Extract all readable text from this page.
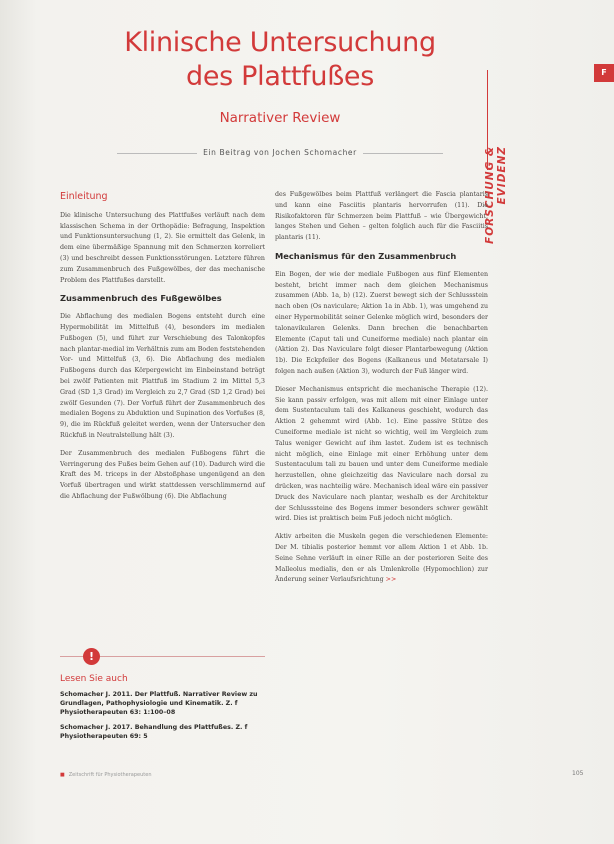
Klinische Untersuchung
des Plattfußes
Narrativer Review
Ein Beitrag von Jochen Schomacher	FORSCHUNG &
EVIDENZ
F
Einleitung

Die klinische Untersuchung des Plattfußes verläuft nach dem klassischen Schema in der Orthopädie: Befragung, Inspektion und Funktionsuntersuchung (1, 2). Sie ermittelt das Gelenk, in dem eine übermäßige Spannung mit den Schmerzen korreliert (3) und beschreibt dessen Funktionsstörungen. Letztere führen zum Zusammenbruch des Fußgewölbes, der das mechanische Problem des Plattfußes darstellt.

Zusammenbruch des Fußgewölbes

Die Abflachung des medialen Bogens entsteht durch eine Hypermobilität im Mittelfuß (4), besonders im medialen Fußbogen (5), und führt zur Verschiebung des Talonkopfes nach plantar-medial im Verhältnis zum am Boden feststehenden Vor- und Mittelfuß (3, 6). Die Abflachung des medialen Fußbogens durch das Körpergewicht im Einbeinstand beträgt bei zwölf Patienten mit Plattfuß im Stadium 2 im Mittel 5,3 Grad (SD 1,3 Grad) im Vergleich zu 2,7 Grad (SD 1,2 Grad) bei zwölf Gesunden (7). Der Vorfuß führt der Zusammenbruch des medialen Bogens zu Abduktion und Supination des Vorfußes (8, 9), die im Rückfuß geleitet werden, wenn der Untersucher den Rückfuß in Neutralstellung hält (3).

Der Zusammenbruch des medialen Fußbogens führt die Verringerung des Fußes beim Gehen auf (10). Dadurch wird die Kraft des M. triceps in der Abstoßphase ungenügend an den Vorfuß übertragen und wirkt stattdessen verschlimmernd auf die Abflachung der Fußwölbung (6). Die Abflachung

!
Lesen Sie auch
Schomacher J. 2011. Der Plattfuß. Narrativer Review zu Grundlagen, Pathophysiologie und Kinematik. Z. f Physiotherapeuten 63: 1:100–08
Schomacher J. 2017. Behandlung des Plattfußes. Z. f Physiotherapeuten 69: 5

des Fußgewölbes beim Plattfuß verlängert die Fascia plantaris und kann eine Fasciitis plantaris hervorrufen (11). Die Risikofaktoren für Schmerzen beim Plattfuß – wie Übergewicht, langes Stehen und Gehen – gelten folglich auch für die Fasciitis plantaris (11).

Mechanismus für den Zusammenbruch

Ein Bogen, der wie der mediale Fußbogen aus fünf Elementen besteht, bricht immer nach dem gleichen Mechanismus zusammen (Abb. 1a, b) (12). Zuerst bewegt sich der Schlussstein nach oben (Os naviculare; Aktion 1a in Abb. 1), was umgehend zu einer Hypermobilität seiner Gelenke möglich wird, besonders der talonavikularen Gelenks. Dann brechen die benachbarten Elemente (Caput tali und Cuneiforme mediale) nach plantar ein (Aktion 2). Das Naviculare folgt dieser Plantarbewegung (Aktion 1b). Die Eckpfeiler des Bogens (Kalkaneus und Metatarsale I) folgen nach außen (Aktion 3), wodurch der Fuß länger wird.

Dieser Mechanismus entspricht die mechanische Therapie (12). Sie kann passiv erfolgen, was mit allem mit einer Einlage unter dem Sustentaculum tali des Kalkaneus geschieht, wodurch das Aktion 2 gehemmt wird (Abb. 1c). Eine passive Stütze des Cuneiforme mediale ist nicht so wichtig, weil im Vergleich zum Talus weniger Gewicht auf ihm lastet. Zudem ist es technisch nicht möglich, eine Einlage mit einer Erhöhung unter dem Sustentaculum tali zu bauen und unter dem Cuneiforme mediale herzustellen, ohne gleichzeitig das Naviculare nach dorsal zu drücken, was nachteilig wäre. Mechanisch ideal wäre ein passiver Druck des Naviculare nach plantar, weshalb es der Architektur der Schlusssteine des Bogens immer besonders schwer gewählt wird. Dies ist praktisch beim Fuß jedoch nicht möglich.

Aktiv arbeiten die Muskeln gegen die verschiedenen Elemente: Der M. tibialis posterior hemmt vor allem Aktion 1 et Abb. 1b. Seine Sehne verläuft in einer Rille an der posterioren Seite des Malleolus medialis, den er als Umlenkrolle (Hypomochlion) zur Änderung seiner Verlaufsrichtung >>

■ Zeitschrift für Physiotherapeuten	105
